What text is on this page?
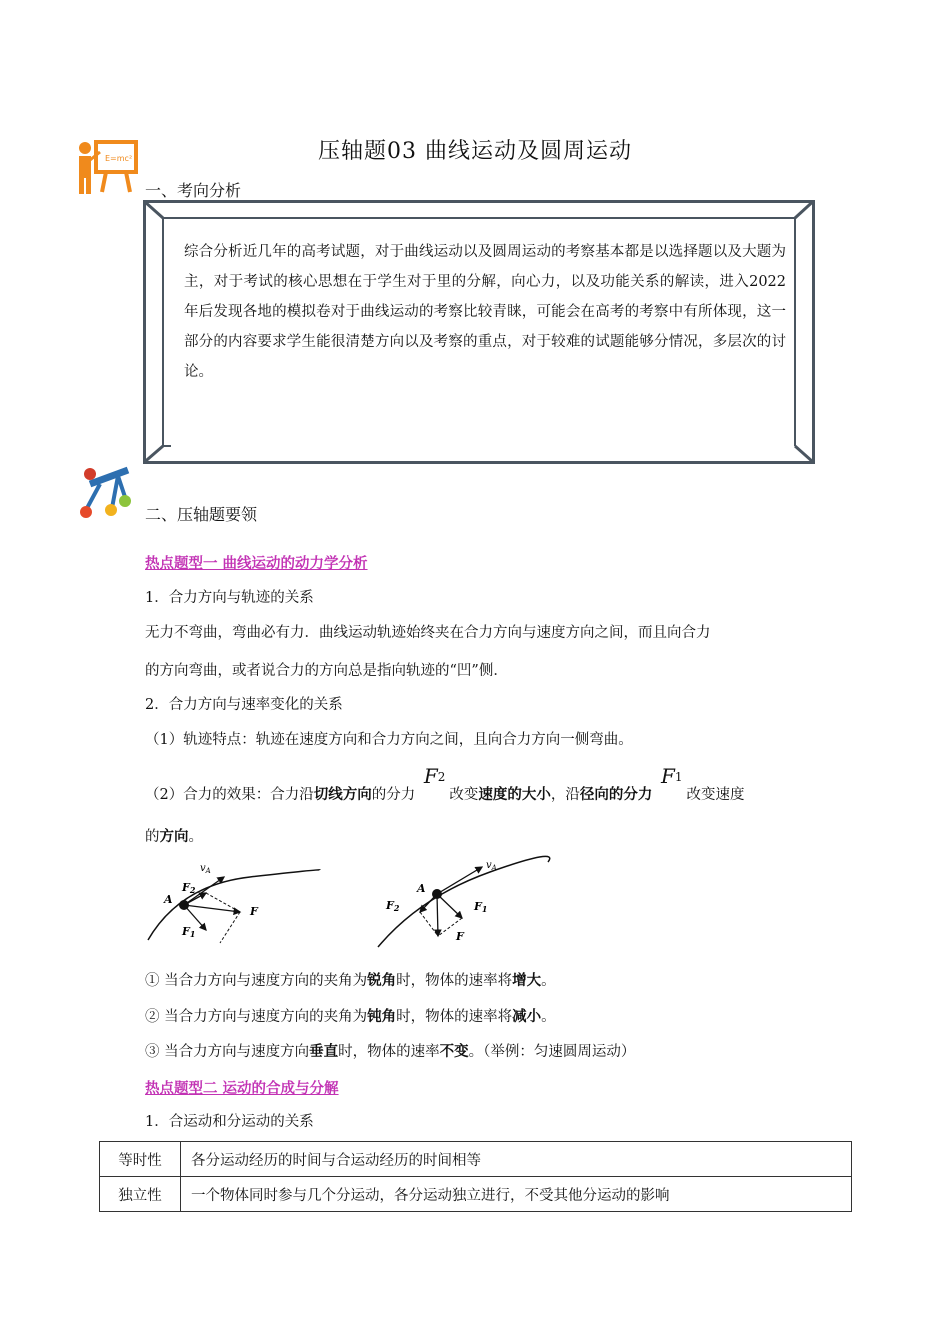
E=mc²	压轴题03 曲线运动及圆周运动
一、考向分析
综合分析近几年的高考试题，对于曲线运动以及圆周运动的考察基本都是以选择题以及大题为主，对于考试的核心思想在于学生对于里的分解，向心力，以及功能关系的解读，进入2022年后发现各地的模拟卷对于曲线运动的考察比较青睐，可能会在高考的考察中有所体现，这一部分的内容要求学生能很清楚方向以及考察的重点，对于较难的试题能够分情况，多层次的讨论。
二、压轴题要领
热点题型一 曲线运动的动力学分析
1．合力方向与轨迹的关系
无力不弯曲，弯曲必有力．曲线运动轨迹始终夹在合力方向与速度方向之间，而且向合力
的方向弯曲，或者说合力的方向总是指向轨迹的“凹”侧．
2．合力方向与速率变化的关系
（1）轨迹特点：轨迹在速度方向和合力方向之间，且向合力方向一侧弯曲。
（2）合力的效果：合力沿切线方向的分力 F2改变速度的大小，沿径向的分力 F1改变速度
的方向。
$v_A$
A
F2
F
F1
$v_A$
A
F2	F1
F
① 当合力方向与速度方向的夹角为锐角时，物体的速率将增大。
② 当合力方向与速度方向的夹角为钝角时，物体的速率将减小。
③ 当合力方向与速度方向垂直时，物体的速率不变。（举例：匀速圆周运动）
热点题型二 运动的合成与分解
1．合运动和分运动的关系
等时性	各分运动经历的时间与合运动经历的时间相等
独立性	一个物体同时参与几个分运动，各分运动独立进行，不受其他分运动的影响
